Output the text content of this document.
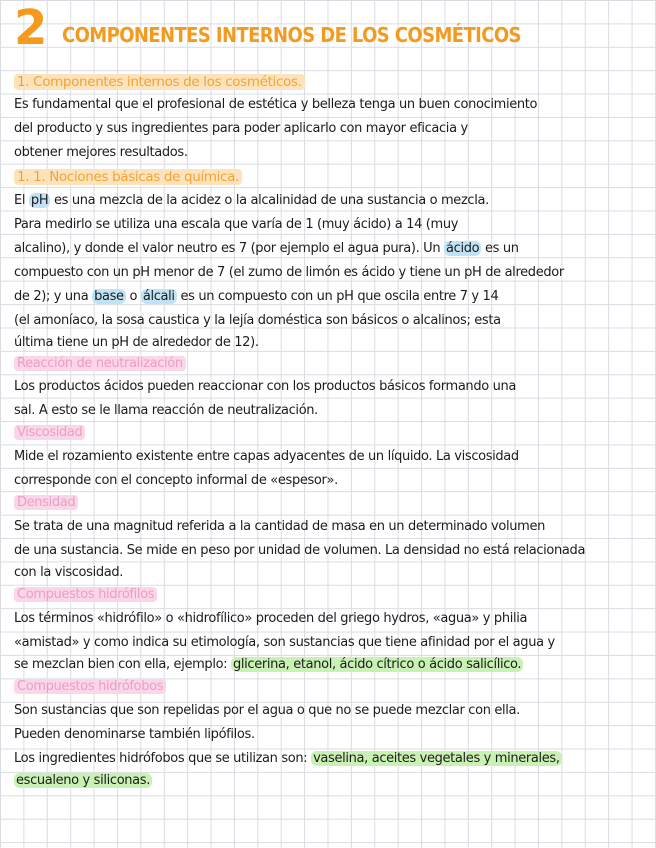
2 COMPONENTES INTERNOS DE LOS COSMÉTICOS
1. Componentes internos de los cosméticos.
Es fundamental que el profesional de estética y belleza tenga un buen conocimiento
del producto y sus ingredientes para poder aplicarlo con mayor eficacia y
obtener mejores resultados.
1. 1. Nociones básicas de química.
El pH es una mezcla de la acidez o la alcalinidad de una sustancia o mezcla.
Para medirlo se utiliza una escala que varía de 1 (muy ácido) a 14 (muy
alcalino), y donde el valor neutro es 7 (por ejemplo el agua pura). Un ácido es un
compuesto con un pH menor de 7 (el zumo de limón es ácido y tiene un pH de alrededor
de 2); y una base o álcali es un compuesto con un pH que oscila entre 7 y 14
(el amoníaco, la sosa caustica y la lejía doméstica son básicos o alcalinos; esta
última tiene un pH de alrededor de 12).
Reacción de neutralización
Los productos ácidos pueden reaccionar con los productos básicos formando una
sal. A esto se le llama reacción de neutralización.
Viscosidad
Mide el rozamiento existente entre capas adyacentes de un líquido. La viscosidad
corresponde con el concepto informal de «espesor».
Densidad
Se trata de una magnitud referida a la cantidad de masa en un determinado volumen
de una sustancia. Se mide en peso por unidad de volumen. La densidad no está relacionada
con la viscosidad.
Compuestos hidrófilos
Los términos «hidrófilo» o «hidrofílico» proceden del griego hydros, «agua» y philia
«amistad» y como indica su etimología, son sustancias que tiene afinidad por el agua y
se mezclan bien con ella, ejemplo: glicerina, etanol, ácido cítrico o ácido salicílico.
Compuestos hidrófobos
Son sustancias que son repelidas por el agua o que no se puede mezclar con ella.
Pueden denominarse también lipófilos.
Los ingredientes hidrófobos que se utilizan son: vaselina, aceites vegetales y minerales,
escualeno y siliconas.
